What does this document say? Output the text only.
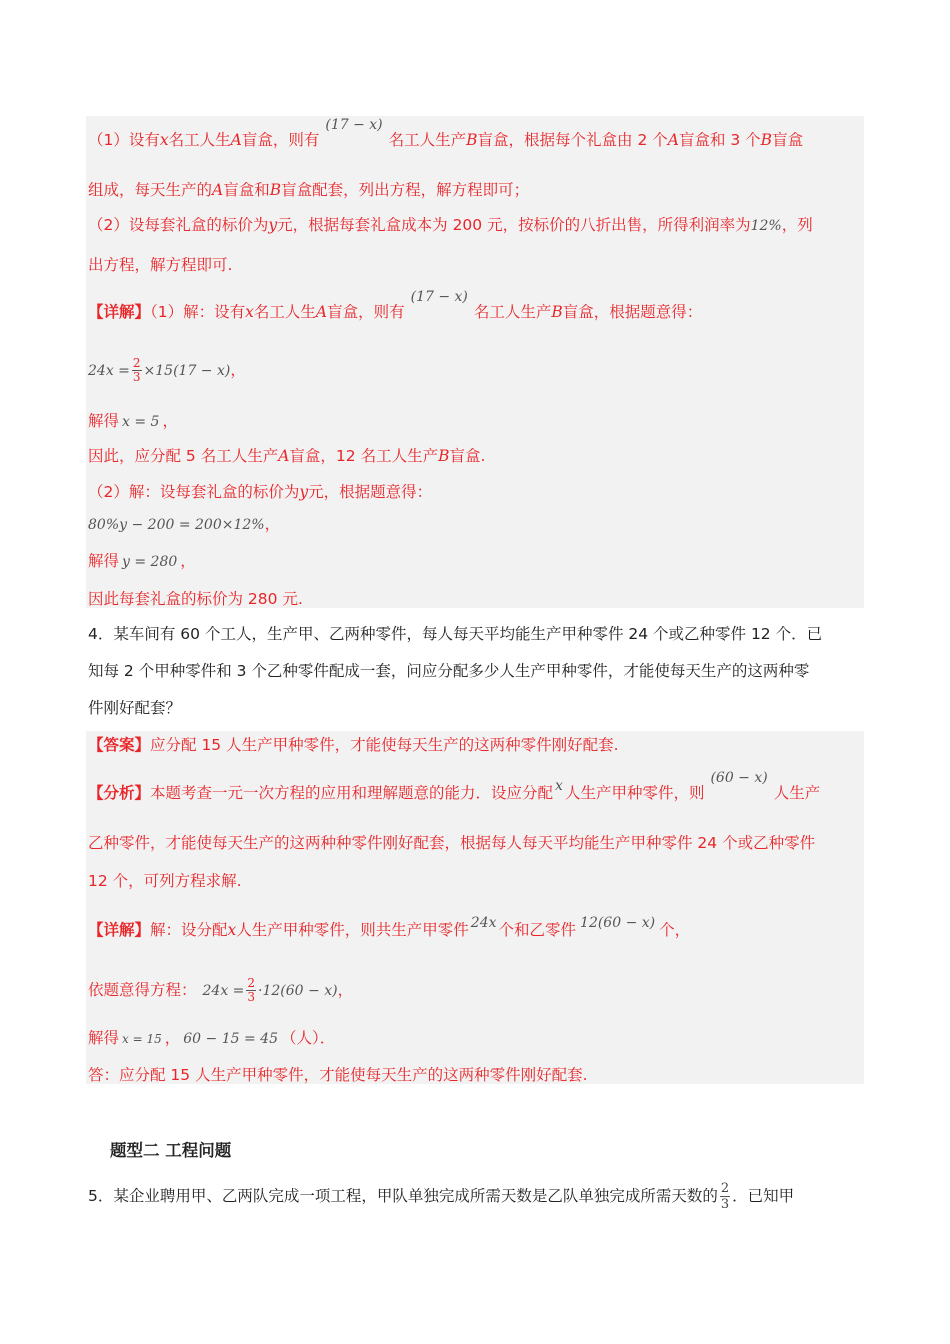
（1）设有x名工人生A盲盒，则有(17 − x)名工人生产B盲盒，根据每个礼盒由 2 个A盲盒和 3 个B盲盒
组成，每天生产的A盲盒和B盲盒配套，列出方程，解方程即可；
（2）设每套礼盒的标价为y元，根据每套礼盒成本为 200 元，按标价的八折出售，所得利润率为12%，列
出方程，解方程即可.
【详解】（1）解：设有x名工人生A盲盒，则有(17 − x)名工人生产B盲盒，根据题意得：
$24x = \frac{2}{3} \times 15(17 - x)$，
解得 x = 5 ，
因此，应分配 5 名工人生产A盲盒，12 名工人生产B盲盒.
（2）解：设每套礼盒的标价为y元，根据题意得：
80%y − 200 = 200×12%，
解得 y = 280 ，
因此每套礼盒的标价为 280 元.
4．某车间有 60 个工人，生产甲、乙两种零件，每人每天平均能生产甲种零件 24 个或乙种零件 12 个．已
知每 2 个甲种零件和 3 个乙种零件配成一套，问应分配多少人生产甲种零件，才能使每天生产的这两种零
件刚好配套？
【答案】应分配 15 人生产甲种零件，才能使每天生产的这两种零件刚好配套.
【分析】本题考查一元一次方程的应用和理解题意的能力．设应分配 x 人生产甲种零件，则(60 − x)人生产
乙种零件，才能使每天生产的这两种种零件刚好配套，根据每人每天平均能生产甲种零件 24 个或乙种零件
12 个，可列方程求解.
【详解】解：设分配x人生产甲种零件，则共生产甲零件 24x 个和乙零件 12(60 − x) 个，
依题意得方程： $24x = \frac{2}{3} \cdot 12(60 - x)$，
解得 x = 15 ， 60 − 15 = 45 （人）．
答：应分配 15 人生产甲种零件，才能使每天生产的这两种零件刚好配套.
题型二 工程问题
5．某企业聘用甲、乙两队完成一项工程，甲队单独完成所需天数是乙队单独完成所需天数的 $\frac{2}{3}$ ．已知甲
